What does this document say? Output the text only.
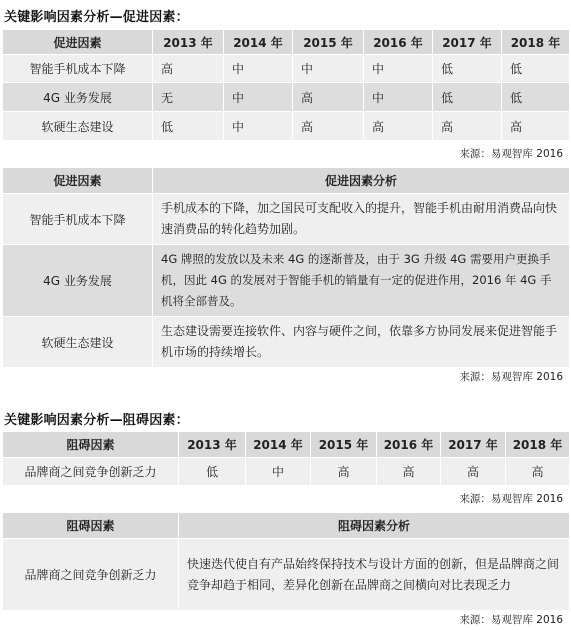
关键影响因素分析—促进因素：
促进因素	2013 年	2014 年	2015 年	2016 年	2017 年	2018 年
智能手机成本下降	高	中	中	中	低	低
4G 业务发展	无	中	高	中	低	低
软硬生态建设	低	中	高	高	高	高
来源：易观智库 2016
促进因素	促进因素分析
智能手机成本下降	手机成本的下降，加之国民可支配收入的提升，智能手机由耐用消费品向快速消费品的转化趋势加剧。
4G 业务发展	4G 牌照的发放以及未来 4G 的逐渐普及，由于 3G 升级 4G 需要用户更换手机，因此 4G 的发展对于智能手机的销量有一定的促进作用，2016 年 4G 手机将全部普及。
软硬生态建设	生态建设需要连接软件、内容与硬件之间，依靠多方协同发展来促进智能手机市场的持续增长。
来源：易观智库 2016
关键影响因素分析—阻碍因素：
阻碍因素	2013 年	2014 年	2015 年	2016 年	2017 年	2018 年
品牌商之间竞争创新乏力	低	中	高	高	高	高
来源：易观智库 2016
阻碍因素	阻碍因素分析
品牌商之间竞争创新乏力	快速迭代使自有产品始终保持技术与设计方面的创新，但是品牌商之间竞争却趋于相同，差异化创新在品牌商之间横向对比表现乏力
来源：易观智库 2016
